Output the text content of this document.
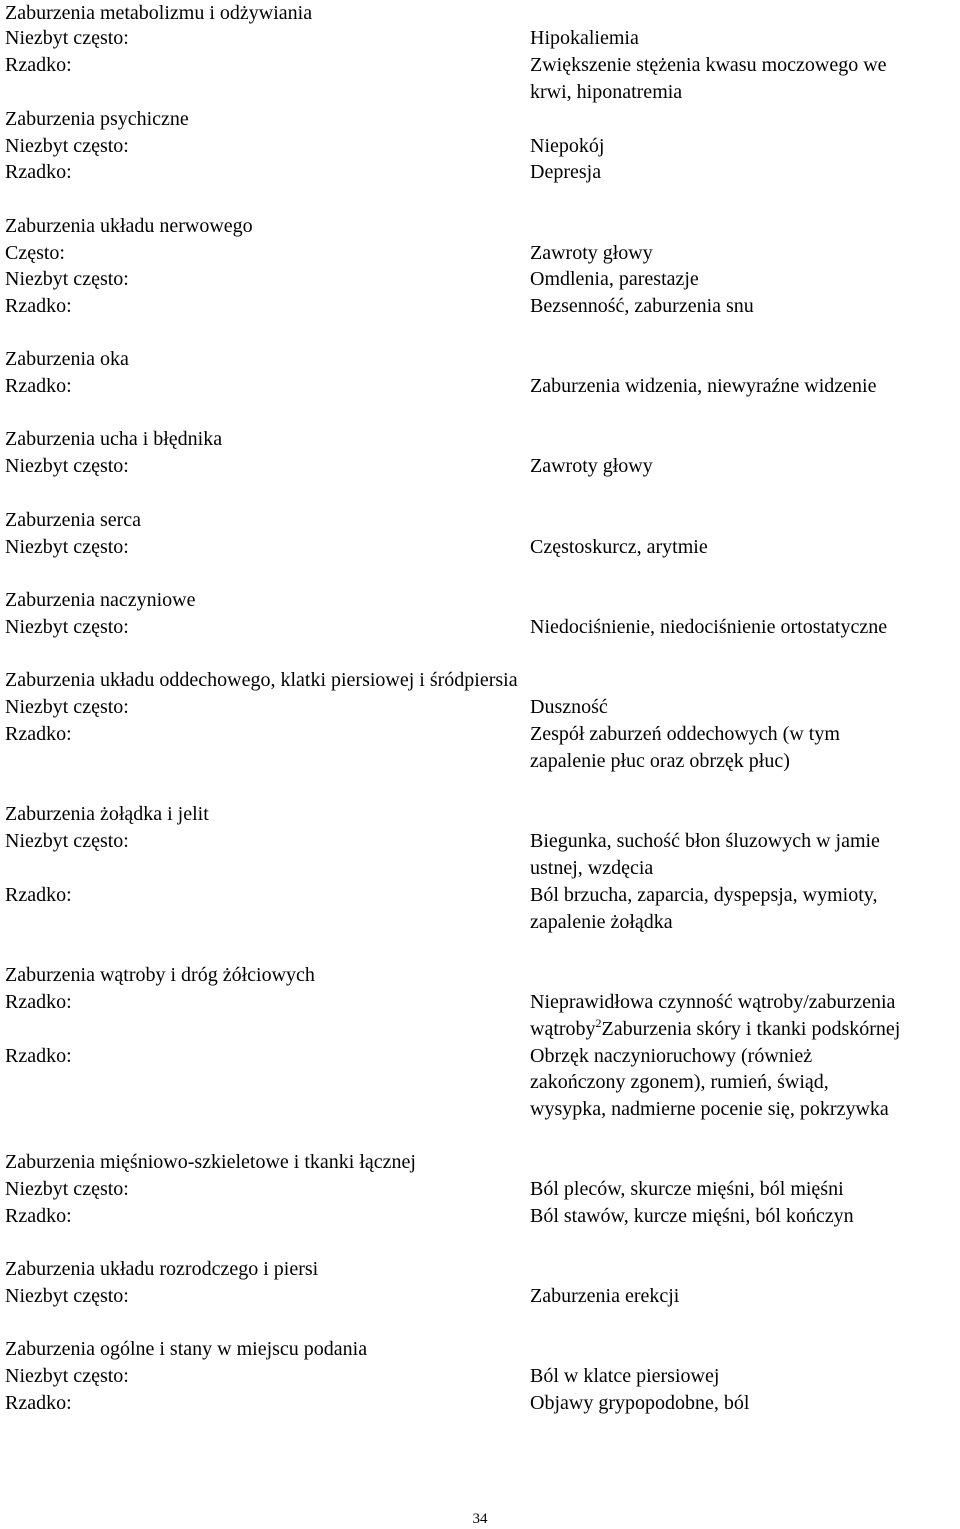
Zaburzenia metabolizmu i odżywiania
Niezbyt często:	Hipokaliemia
Rzadko:	Zwiększenie stężenia kwasu moczowego we
krwi, hiponatremia
Zaburzenia psychiczne
Niezbyt często:	Niepokój
Rzadko:	Depresja
Zaburzenia układu nerwowego
Często:	Zawroty głowy
Niezbyt często:	Omdlenia, parestazje
Rzadko:	Bezsenność, zaburzenia snu
Zaburzenia oka
Rzadko:	Zaburzenia widzenia, niewyraźne widzenie
Zaburzenia ucha i błędnika
Niezbyt często:	Zawroty głowy
Zaburzenia serca
Niezbyt często:	Częstoskurcz, arytmie
Zaburzenia naczyniowe
Niezbyt często:	Niedociśnienie, niedociśnienie ortostatyczne
Zaburzenia układu oddechowego, klatki piersiowej i śródpiersia
Niezbyt często:	Duszność
Rzadko:	Zespół zaburzeń oddechowych (w tym
zapalenie płuc oraz obrzęk płuc)
Zaburzenia żołądka i jelit
Niezbyt często:	Biegunka, suchość błon śluzowych w jamie
ustnej, wzdęcia
Rzadko:	Ból brzucha, zaparcia, dyspepsja, wymioty,
zapalenie żołądka
Zaburzenia wątroby i dróg żółciowych
Rzadko:	Nieprawidłowa czynność wątroby/zaburzenia
wątroby$^2$Zaburzenia skóry i tkanki podskórnej
Rzadko:	Obrzęk naczynioruchowy (również
zakończony zgonem), rumień, świąd,
wysypka, nadmierne pocenie się, pokrzywka
Zaburzenia mięśniowo-szkieletowe i tkanki łącznej
Niezbyt często:	Ból pleców, skurcze mięśni, ból mięśni
Rzadko:	Ból stawów, kurcze mięśni, ból kończyn
Zaburzenia układu rozrodczego i piersi
Niezbyt często:	Zaburzenia erekcji
Zaburzenia ogólne i stany w miejscu podania
Niezbyt często:	Ból w klatce piersiowej
Rzadko:	Objawy grypopodobne, ból
34
